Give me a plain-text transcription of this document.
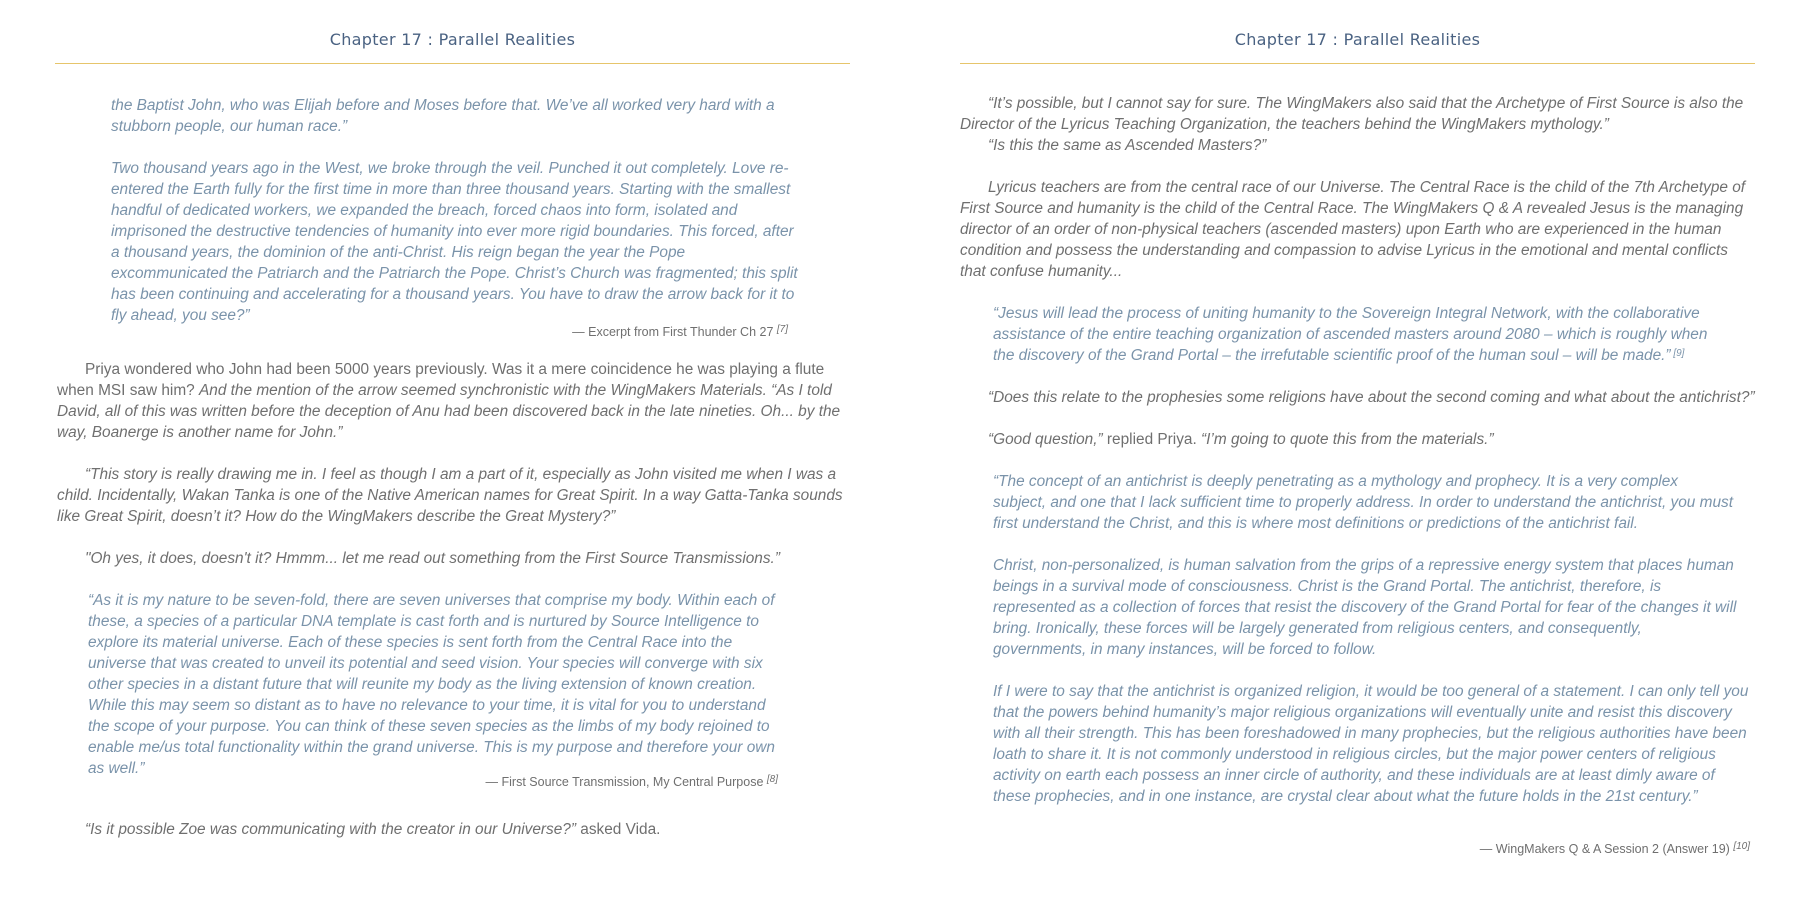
Chapter 17 : Parallel Realities

the Baptist John, who was Elijah before and Moses before that. We’ve all worked very hard with a

stubborn people, our human race.”

Two thousand years ago in the West, we broke through the veil. Punched it out completely. Love re-entered the Earth fully for the first time in more than three thousand years. Starting with the smallest handful of dedicated workers, we expanded the breach, forced chaos into form, isolated and imprisoned the destructive tendencies of humanity into ever more rigid boundaries. This forced, after a thousand years, the dominion of the anti-Christ. His reign began the year the Pope excommunicated the Patriarch and the Patriarch the Pope. Christ’s Church was fragmented; this split has been continuing and accelerating for a thousand years. You have to draw the arrow back for it to fly ahead, you see?”

— Excerpt from First Thunder Ch 27 [7]

Priya wondered who John had been 5000 years previously. Was it a mere coincidence he was playing a flute when MSI saw him? And the mention of the arrow seemed synchronistic with the WingMakers Materials. “As I told David, all of this was written before the deception of Anu had been discovered back in the late nineties. Oh... by the way, Boanerge is another name for John.”

“This story is really drawing me in. I feel as though I am a part of it, especially as John visited me when I was a child. Incidentally, Wakan Tanka is one of the Native American names for Great Spirit. In a way Gatta-Tanka sounds like Great Spirit, doesn’t it? How do the WingMakers describe the Great Mystery?”

"Oh yes, it does, doesn't it? Hmmm... let me read out something from the First Source Transmissions.”

“As it is my nature to be seven-fold, there are seven universes that comprise my body. Within each of these, a species of a particular DNA template is cast forth and is nurtured by Source Intelligence to explore its material universe. Each of these species is sent forth from the Central Race into the universe that was created to unveil its potential and seed vision. Your species will converge with six other species in a distant future that will reunite my body as the living extension of known creation. While this may seem so distant as to have no relevance to your time, it is vital for you to understand the scope of your purpose. You can think of these seven species as the limbs of my body rejoined to enable me/us total functionality within the grand universe. This is my purpose and therefore your own as well.”

— First Source Transmission, My Central Purpose [8]

“Is it possible Zoe was communicating with the creator in our Universe?” asked Vida.

Chapter 17 : Parallel Realities

“It’s possible, but I cannot say for sure. The WingMakers also said that the Archetype of First Source is also the Director of the Lyricus Teaching Organization, the teachers behind the WingMakers mythology.”

“Is this the same as Ascended Masters?”

Lyricus teachers are from the central race of our Universe. The Central Race is the child of the 7th Archetype of First Source and humanity is the child of the Central Race. The WingMakers Q & A revealed Jesus is the managing director of an order of non-physical teachers (ascended masters) upon Earth who are experienced in the human condition and possess the understanding and compassion to advise Lyricus in the emotional and mental conflicts that confuse humanity...

“Jesus will lead the process of uniting humanity to the Sovereign Integral Network, with the collaborative assistance of the entire teaching organization of ascended masters around 2080 – which is roughly when the discovery of the Grand Portal – the irrefutable scientific proof of the human soul – will be made.” [9]

“Does this relate to the prophesies some religions have about the second coming and what about the antichrist?”

“Good question,” replied Priya. “I’m going to quote this from the materials.”

“The concept of an antichrist is deeply penetrating as a mythology and prophecy. It is a very complex subject, and one that I lack sufficient time to properly address. In order to understand the antichrist, you must first understand the Christ, and this is where most definitions or predictions of the antichrist fail.

Christ, non-personalized, is human salvation from the grips of a repressive energy system that places human beings in a survival mode of consciousness. Christ is the Grand Portal. The antichrist, therefore, is represented as a collection of forces that resist the discovery of the Grand Portal for fear of the changes it will bring. Ironically, these forces will be largely generated from religious centers, and consequently, governments, in many instances, will be forced to follow.

If I were to say that the antichrist is organized religion, it would be too general of a statement. I can only tell you that the powers behind humanity’s major religious organizations will eventually unite and resist this discovery with all their strength. This has been foreshadowed in many prophecies, but the religious authorities have been loath to share it. It is not commonly understood in religious circles, but the major power centers of religious activity on earth each possess an inner circle of authority, and these individuals are at least dimly aware of these prophecies, and in one instance, are crystal clear about what the future holds in the 21st century.”

— WingMakers Q & A Session 2 (Answer 19) [10]
